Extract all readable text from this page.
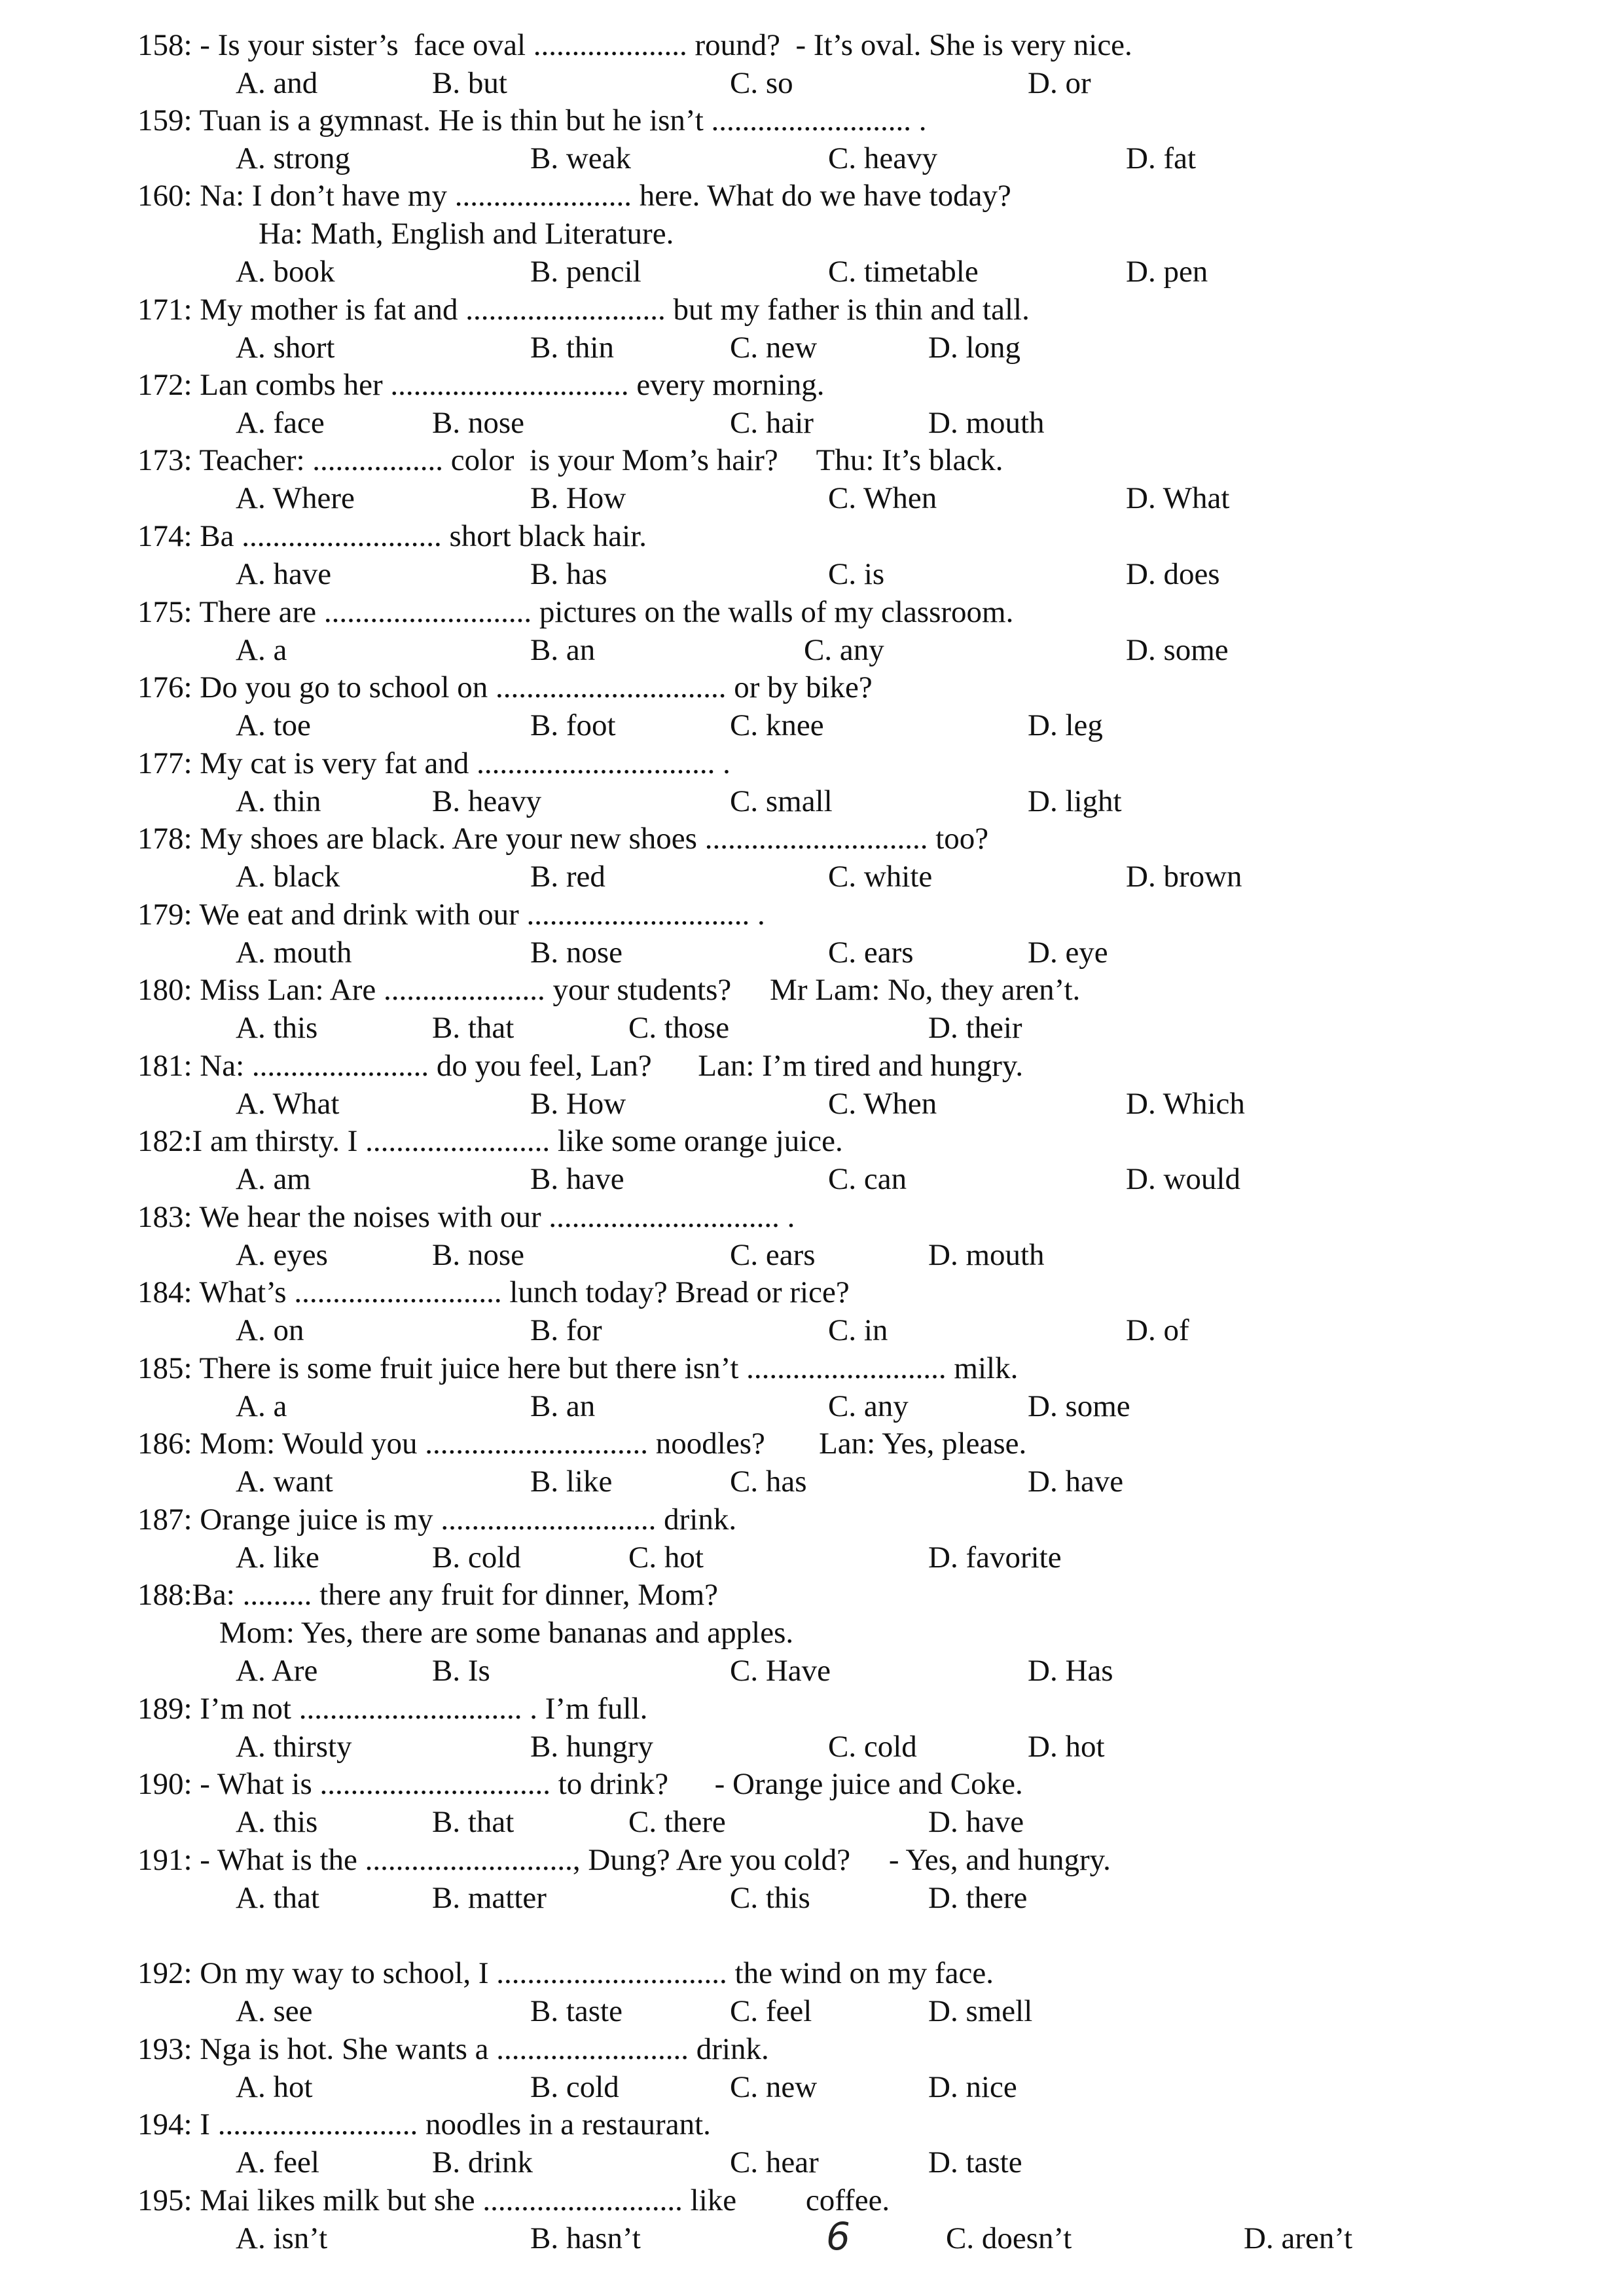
158: - Is your sister’s  face oval .................... round?  - It’s oval. She is very nice.
A. and	B. but	C. so	D. or
159: Tuan is a gymnast. He is thin but he isn’t .......................... .
A. strong	B. weak	C. heavy	D. fat
160: Na: I don’t have my ....................... here. What do we have today?
Ha: Math, English and Literature.
A. book	B. pencil	C. timetable	D. pen
171: My mother is fat and .......................... but my father is thin and tall.
A. short	B. thin	C. new	D. long
172: Lan combs her ............................... every morning.
A. face	B. nose	C. hair	D. mouth
173: Teacher: ................. color  is your Mom’s hair?     Thu: It’s black.
A. Where	B. How	C. When	D. What
174: Ba .......................... short black hair.
A. have	B. has	C. is	D. does
175: There are ........................... pictures on the walls of my classroom.
A. a	B. an	C. any	D. some
176: Do you go to school on .............................. or by bike?
A. toe	B. foot	C. knee	D. leg
177: My cat is very fat and ............................... .
A. thin	B. heavy	C. small	D. light
178: My shoes are black. Are your new shoes ............................. too?
A. black	B. red	C. white	D. brown
179: We eat and drink with our ............................. .
A. mouth	B. nose	C. ears	D. eye
180: Miss Lan: Are ..................... your students?     Mr Lam: No, they aren’t.
A. this	B. that	C. those	D. their
181: Na: ....................... do you feel, Lan?      Lan: I’m tired and hungry.
A. What	B. How	C. When	D. Which
182:I am thirsty. I ........................ like some orange juice.
A. am	B. have	C. can	D. would
183: We hear the noises with our .............................. .
A. eyes	B. nose	C. ears	D. mouth
184: What’s ........................... lunch today? Bread or rice?
A. on	B. for	C. in	D. of
185: There is some fruit juice here but there isn’t .......................... milk.
A. a	B. an	C. any	D. some
186: Mom: Would you ............................. noodles?       Lan: Yes, please.
A. want	B. like	C. has	D. have
187: Orange juice is my ............................ drink.
A. like	B. cold	C. hot	D. favorite
188:Ba: ......... there any fruit for dinner, Mom?
Mom: Yes, there are some bananas and apples.
A. Are	B. Is	C. Have	D. Has
189: I’m not ............................. . I’m full.
A. thirsty	B. hungry	C. cold	D. hot
190: - What is .............................. to drink?      - Orange juice and Coke.
A. this	B. that	C. there	D. have
191: - What is the ..........................., Dung? Are you cold?     - Yes, and hungry.
A. that	B. matter	C. this	D. there
192: On my way to school, I .............................. the wind on my face.
A. see	B. taste	C. feel	D. smell
193: Nga is hot. She wants a ......................... drink.
A. hot	B. cold	C. new	D. nice
194: I .......................... noodles in a restaurant.
A. feel	B. drink	C. hear	D. taste
195: Mai likes milk but she .......................... like         coffee.
A. isn’t	B. hasn’t	C. doesn’t	D. aren’t
6
